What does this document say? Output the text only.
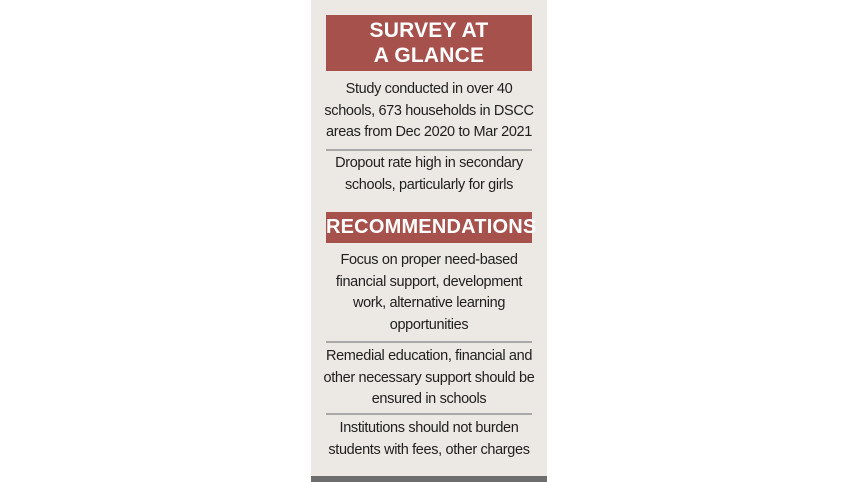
SURVEY AT
A GLANCE
Study conducted in over 40 schools, 673 households in DSCC areas from Dec 2020 to Mar 2021
Dropout rate high in secondary schools, particularly for girls
RECOMMENDATIONS
Focus on proper need-based financial support, development work, alternative learning opportunities
Remedial education, financial and other necessary support should be ensured in schools
Institutions should not burden students with fees, other charges
